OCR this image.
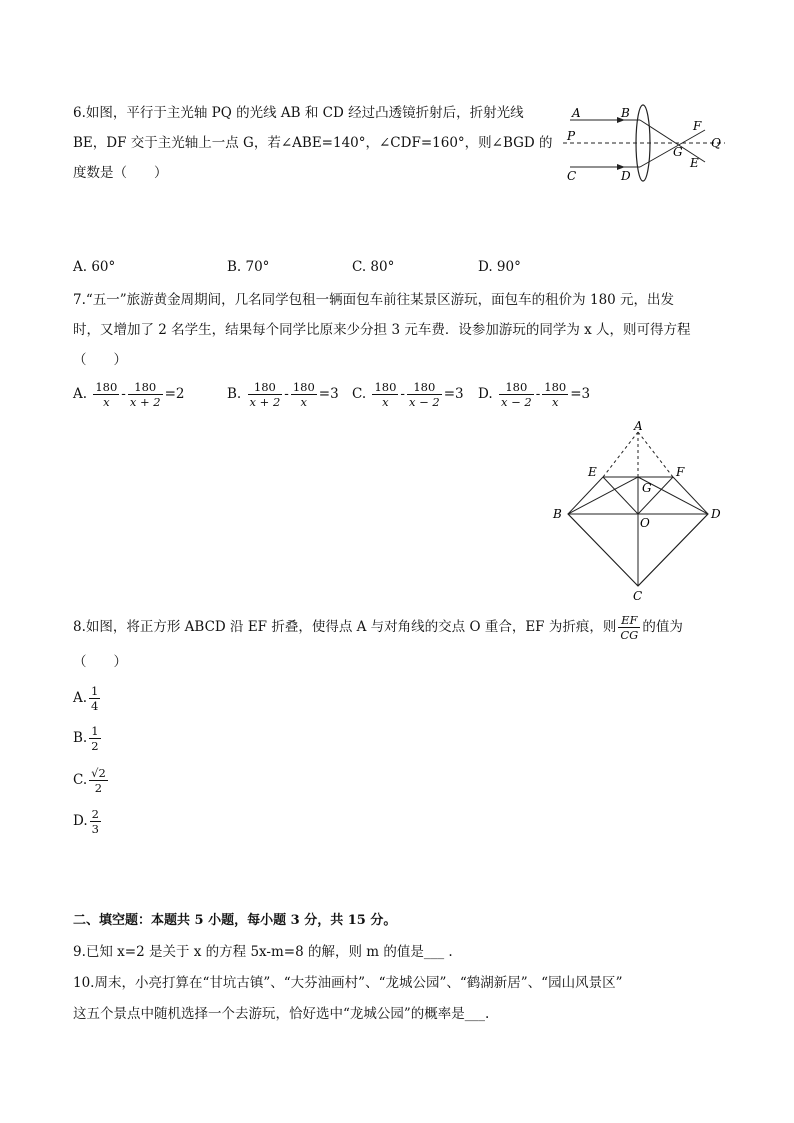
6.如图，平行于主光轴 PQ 的光线 AB 和 CD 经过凸透镜折射后，折射光线
BE，DF 交于主光轴上一点 G，若∠ABE=140°，∠CDF=160°，则∠BGD 的
度数是（　　）
A	B
F
P
G
Q
C	D
E
A. 60°	B. 70°	C. 80°	D. 90°
7.“五一”旅游黄金周期间，几名同学包租一辆面包车前往某景区游玩，面包车的租价为 180 元，出发
时，又增加了 2 名学生，结果每个同学比原来少分担 3 元车费．设参加游玩的同学为 x 人，则可得方程
（　　）
A. $\frac{180}{x} - \frac{180}{x + 2} =2$	B. $\frac{180}{x + 2} - \frac{180}{x} =3$ C. $\frac{180}{x} - \frac{180}{x - 2} =3$ D. $\frac{180}{x - 2} - \frac{180}{x} =3$
A
E	F
G
B
O
D
C
8.如图，将正方形 ABCD 沿 EF 折叠，使得点 A 与对角线的交点 O 重合，EF 为折痕，则 $\frac{EF}{CG}$ 的值为
（　　）
A. $\frac{1}{4}$
B. $\frac{1}{2}$
C. $\frac{√2}{2}$
D. $\frac{2}{3}$
二、填空题：本题共 5 小题，每小题 3 分，共 15 分。
9.已知 x=2 是关于 x 的方程 5x-m=8 的解，则 m 的值是___ .
10.周末，小亮打算在“甘坑古镇”、“大芬油画村”、“龙城公园”、“鹤湖新居”、“园山风景区”
这五个景点中随机选择一个去游玩，恰好选中“龙城公园”的概率是___.
